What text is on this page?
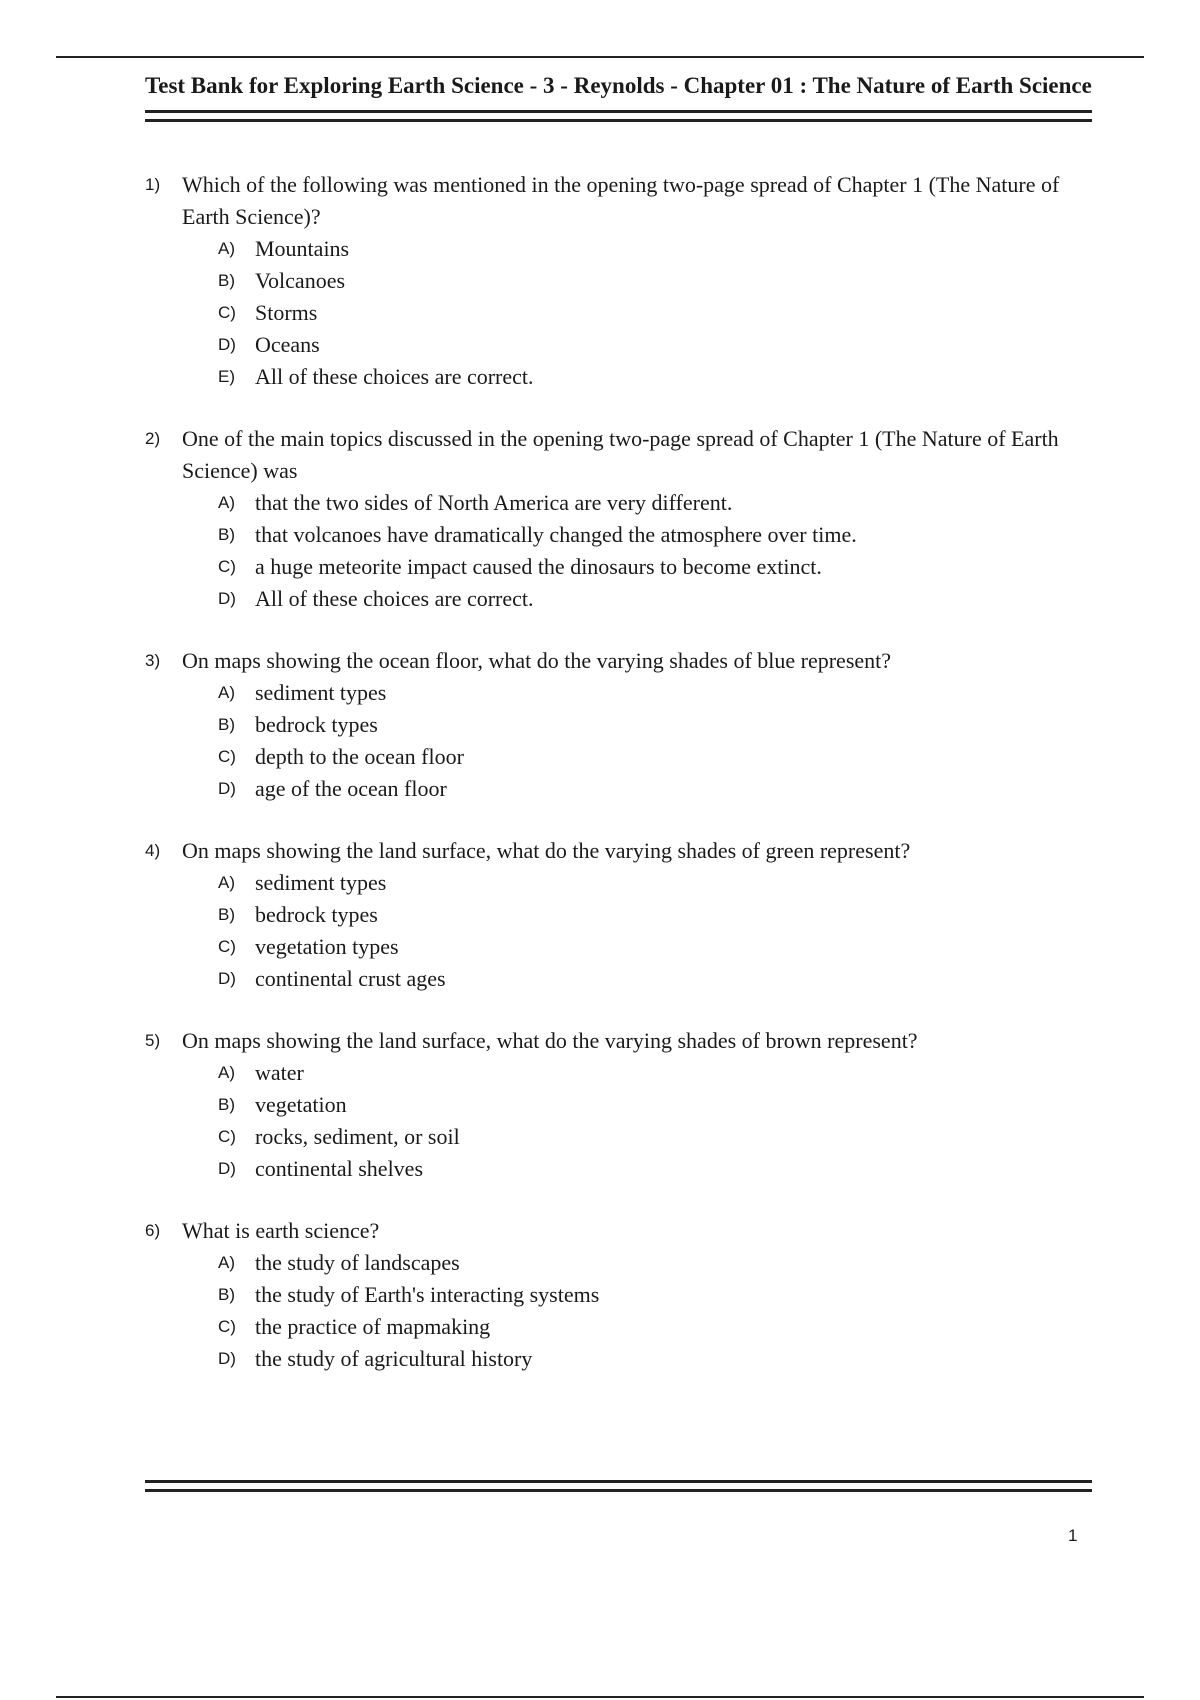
Test Bank for Exploring Earth Science - 3 - Reynolds - Chapter 01 : The Nature of Earth Science
1) Which of the following was mentioned in the opening two-page spread of Chapter 1 (The Nature of Earth Science)?
A) Mountains
B) Volcanoes
C) Storms
D) Oceans
E) All of these choices are correct.
2) One of the main topics discussed in the opening two-page spread of Chapter 1 (The Nature of Earth Science) was
A) that the two sides of North America are very different.
B) that volcanoes have dramatically changed the atmosphere over time.
C) a huge meteorite impact caused the dinosaurs to become extinct.
D) All of these choices are correct.
3) On maps showing the ocean floor, what do the varying shades of blue represent?
A) sediment types
B) bedrock types
C) depth to the ocean floor
D) age of the ocean floor
4) On maps showing the land surface, what do the varying shades of green represent?
A) sediment types
B) bedrock types
C) vegetation types
D) continental crust ages
5) On maps showing the land surface, what do the varying shades of brown represent?
A) water
B) vegetation
C) rocks, sediment, or soil
D) continental shelves
6) What is earth science?
A) the study of landscapes
B) the study of Earth's interacting systems
C) the practice of mapmaking
D) the study of agricultural history
1
